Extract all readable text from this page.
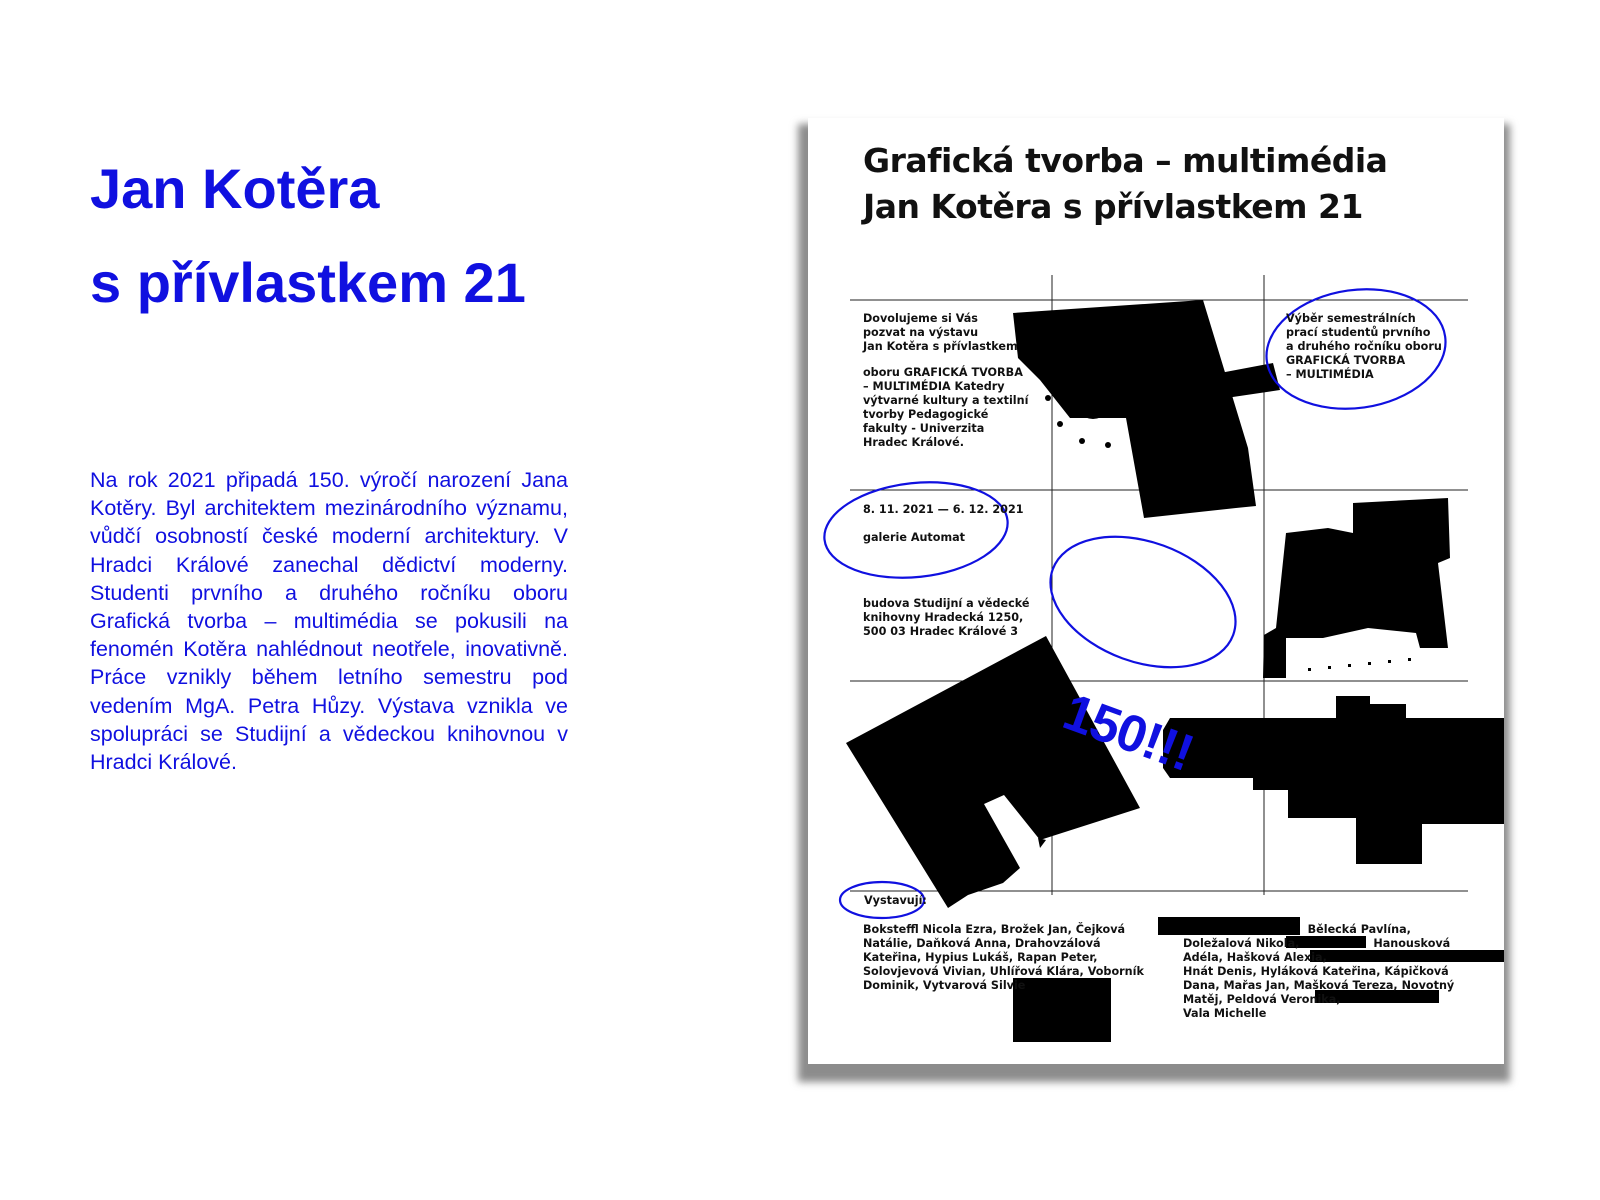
Jan Kotěra
s přívlastkem 21

Na rok 2021 připadá 150. výročí narození Jana Kotěry. Byl architektem mezinárodního významu, vůdčí osobností české moderní architektury. V Hradci Králové zanechal dědictví moderny. Studenti prvního a druhého ročníku oboru Grafická tvorba – multimédia se pokusili na fenomén Kotěra nahlédnout neotřele, inovativně. Práce vznikly během letního semestru pod vedením MgA. Petra Hůzy. Výstava vznikla ve spolupráci se Studijní a vědeckou knihovnou v Hradci Králové.

Grafická tvorba – multimédia
Jan Kotěra s přívlastkem 21
Dovolujeme si Vás
pozvat na výstavu
Jan Kotěra s přívlastkem
oboru GRAFICKÁ TVORBA
– MULTIMÉDIA Katedry
výtvarné kultury a textilní
tvorby Pedagogické
fakulty - Univerzita
Hradec Králové.
Výběr semestrálních
prací studentů prvního
a druhého ročníku oboru
GRAFICKÁ TVORBA
– MULTIMÉDIA
8. 11. 2021 — 6. 12. 2021
galerie Automat
budova Studijní a vědecké
knihovny Hradecká 1250,
500 03 Hradec Králové 3
150!!!
Vystavují:
Boksteffl Nicola Ezra, Brožek Jan, Čejková
Natálie, Daňková Anna, Drahovzálová
Kateřina, Hypius Lukáš, Rapan Peter,
Solovjevová Vivian, Uhlířová Klára, Voborník
Dominik, Vytvarová Silvie
Bělecká Pavlína,
Doležalová Nikola,                   Hanousková
Adéla, Hašková Alexia,
Hnát Denis, Hyláková Kateřina, Kápičková
Dana, Mařas Jan, Mašková Tereza, Novotný
Matěj, Peldová Veronika,
Vala Michelle
